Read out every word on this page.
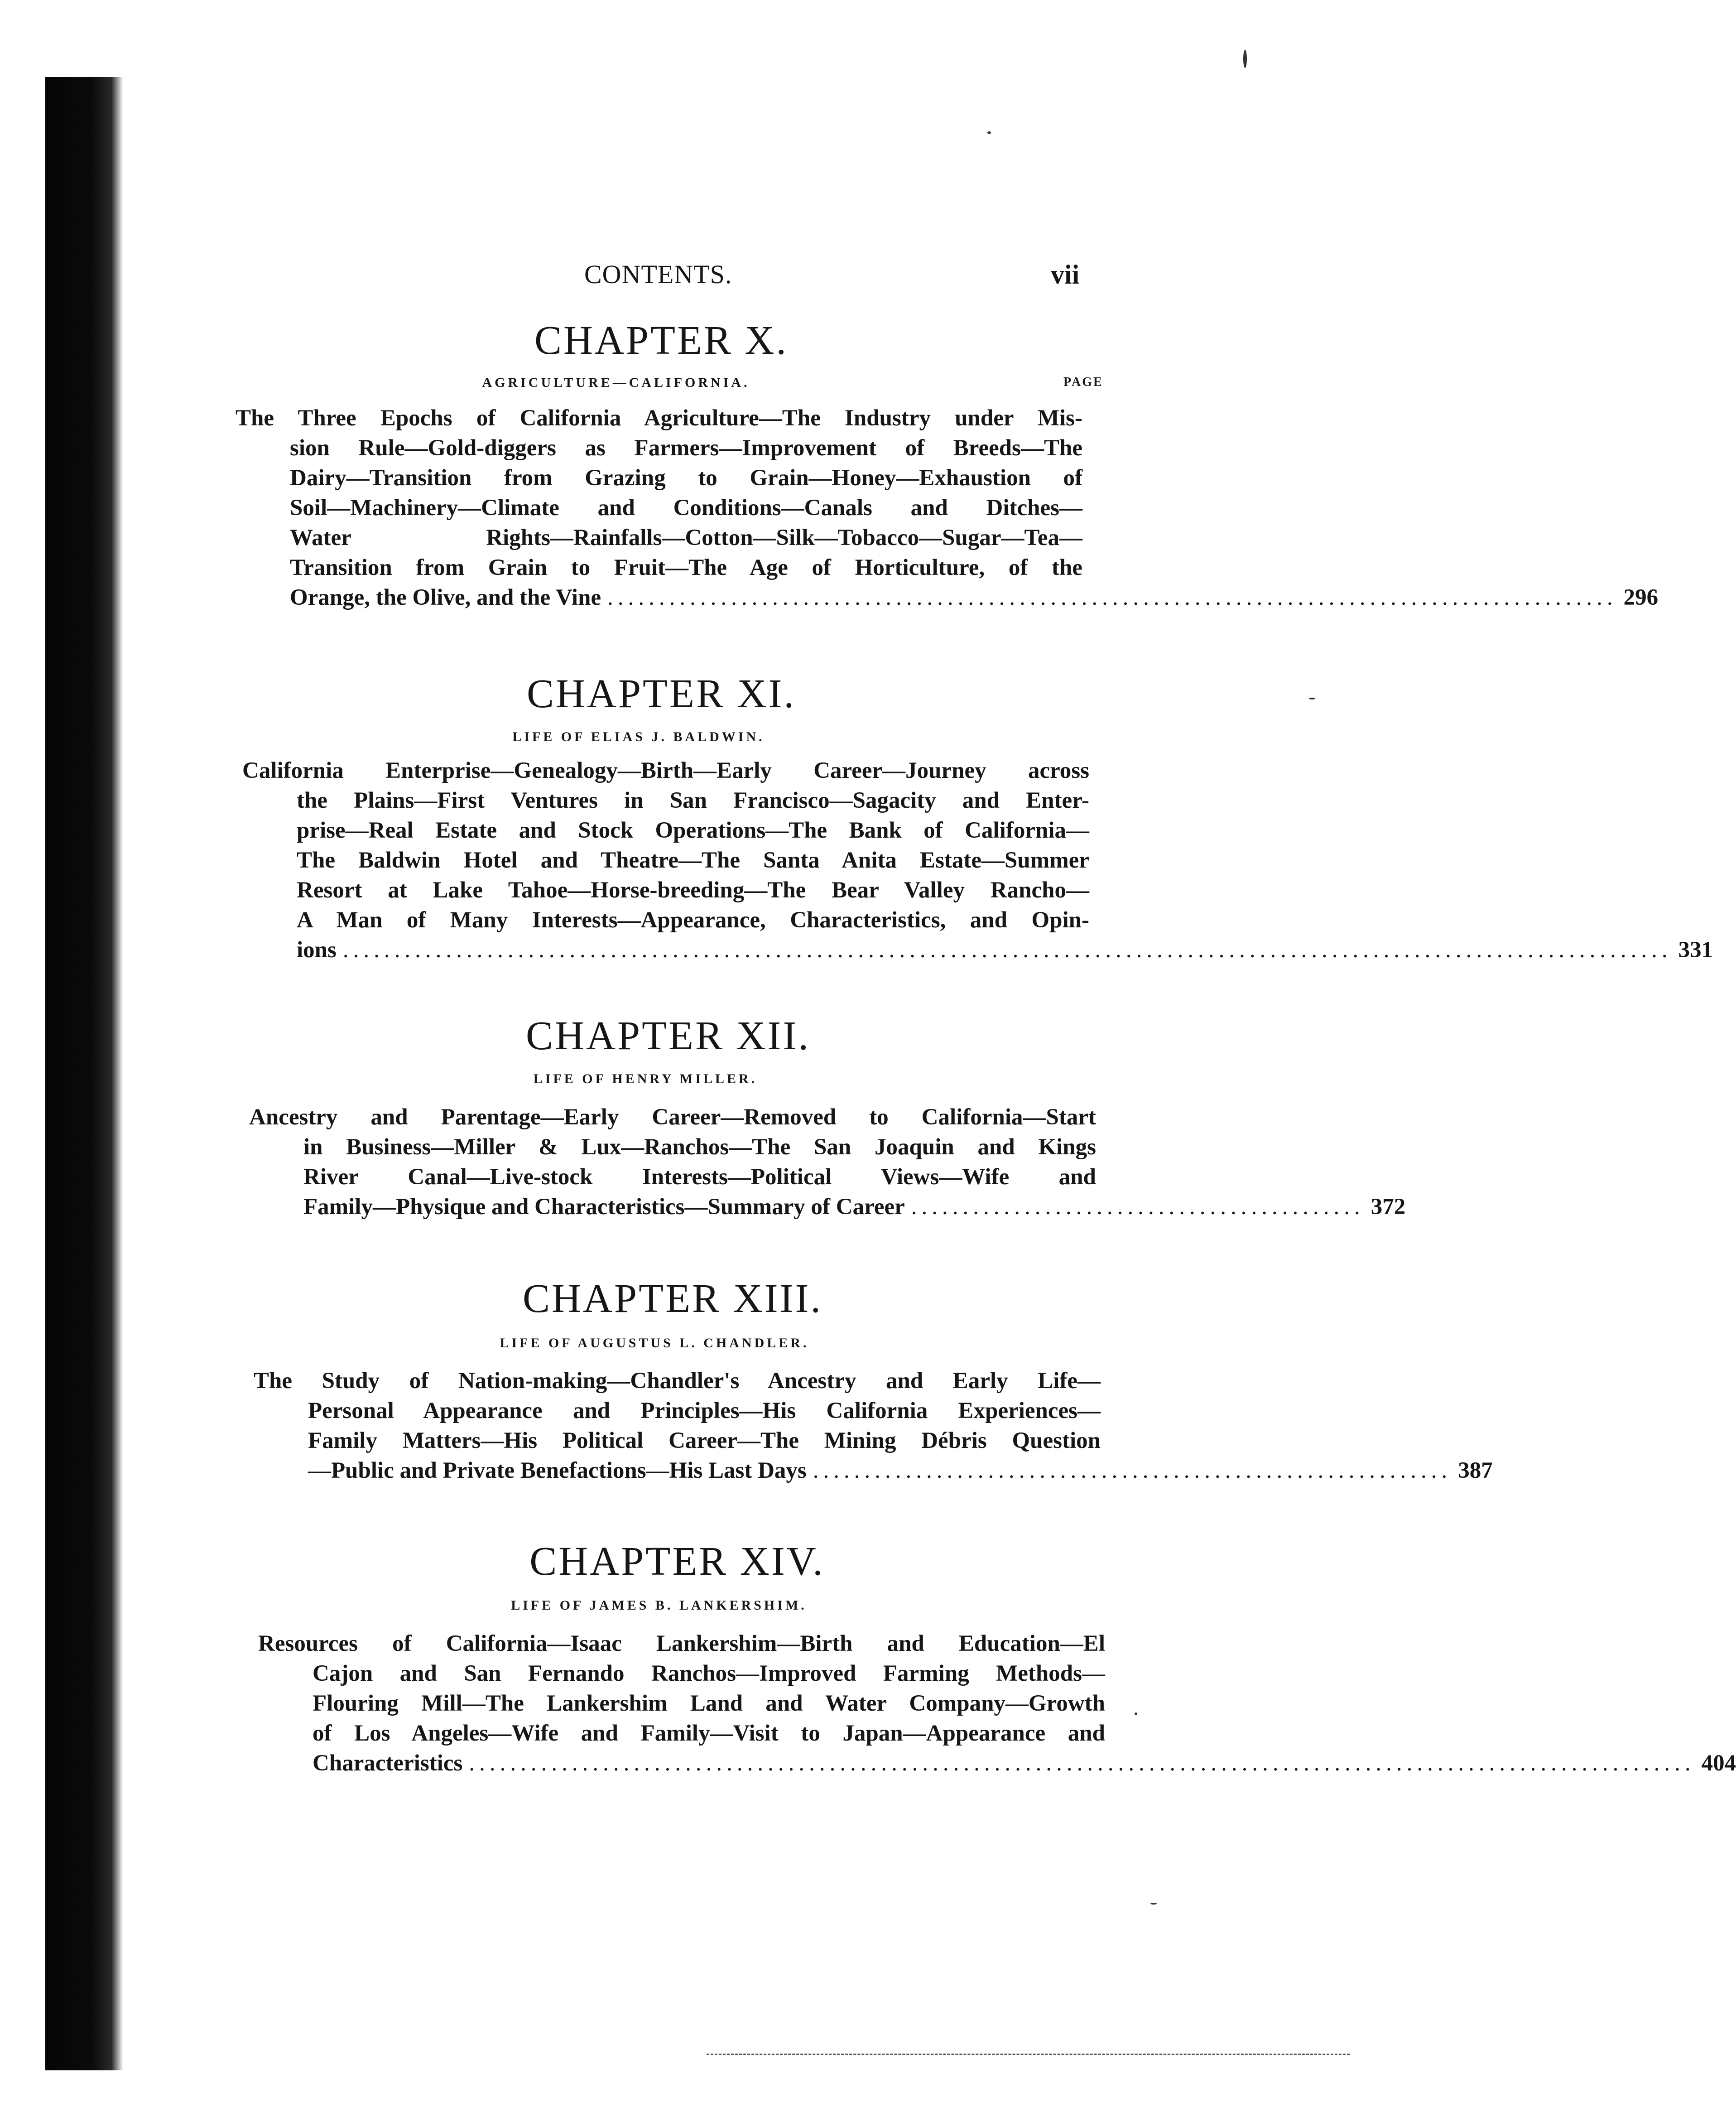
CONTENTS.	vii
CHAPTER X.
AGRICULTURE—CALIFORNIA.	PAGE
The Three Epochs of California Agriculture—The Industry under Mis-
sion Rule—Gold-diggers as Farmers—Improvement of Breeds—The
Dairy—Transition from Grazing to Grain—Honey—Exhaustion of
Soil—Machinery—Climate and Conditions—Canals and Ditches—
Water Rights—Rainfalls—Cotton—Silk—Tobacco—Sugar—Tea—
Transition from Grain to Fruit—The Age of Horticulture, of the
Orange, the Olive, and the Vine .................................................................................................. 296
CHAPTER XI.
LIFE OF ELIAS J. BALDWIN.
California Enterprise—Genealogy—Birth—Early Career—Journey across
the Plains—First Ventures in San Francisco—Sagacity and Enter-
prise—Real Estate and Stock Operations—The Bank of California—
The Baldwin Hotel and Theatre—The Santa Anita Estate—Summer
Resort at Lake Tahoe—Horse-breeding—The Bear Valley Rancho—
A Man of Many Interests—Appearance, Characteristics, and Opin-
ions ................................................................................................................................. 331
CHAPTER XII.
LIFE OF HENRY MILLER.
Ancestry and Parentage—Early Career—Removed to California—Start
in Business—Miller & Lux—Ranchos—The San Joaquin and Kings
River Canal—Live-stock Interests—Political Views—Wife and
Family—Physique and Characteristics—Summary of Career ............................................ 372
CHAPTER XIII.
LIFE OF AUGUSTUS L. CHANDLER.
The Study of Nation-making—Chandler's Ancestry and Early Life—
Personal Appearance and Principles—His California Experiences—
Family Matters—His Political Career—The Mining Débris Question
—Public and Private Benefactions—His Last Days .............................................................. 387
CHAPTER XIV.
LIFE OF JAMES B. LANKERSHIM.
Resources of California—Isaac Lankershim—Birth and Education—El
Cajon and San Fernando Ranchos—Improved Farming Methods—
Flouring Mill—The Lankershim Land and Water Company—Growth
of Los Angeles—Wife and Family—Visit to Japan—Appearance and
Characteristics ....................................................................................................................... 404
